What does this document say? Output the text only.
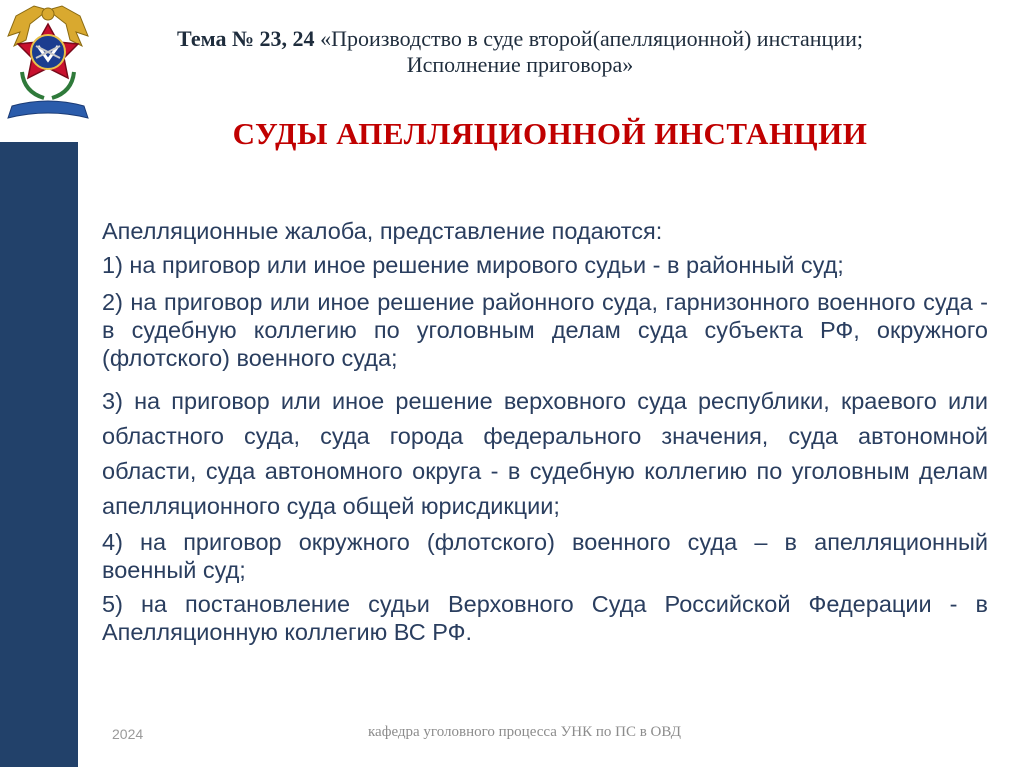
Тема № 23, 24 «Производство в суде второй(апелляционной) инстанции;
Исполнение приговора»
СУДЫ АПЕЛЛЯЦИОННОЙ ИНСТАНЦИИ

Апелляционные жалоба, представление подаются:

1) на приговор или иное решение мирового судьи - в районный суд;

2) на приговор или иное решение районного суда, гарнизонного военного суда - в судебную коллегию по уголовным делам суда субъекта РФ, окружного (флотского) военного суда;

3) на приговор или иное решение верховного суда республики, краевого или областного суда, суда города федерального значения, суда автономной области, суда автономного округа - в судебную коллегию по уголовным делам апелляционного суда общей юрисдикции;

4) на приговор окружного (флотского) военного суда – в апелляционный военный суд;

5) на постановление судьи Верховного Суда Российской Федерации - в Апелляционную коллегию ВС РФ.

2024	кафедра уголовного процесса УНК по ПС в ОВД
